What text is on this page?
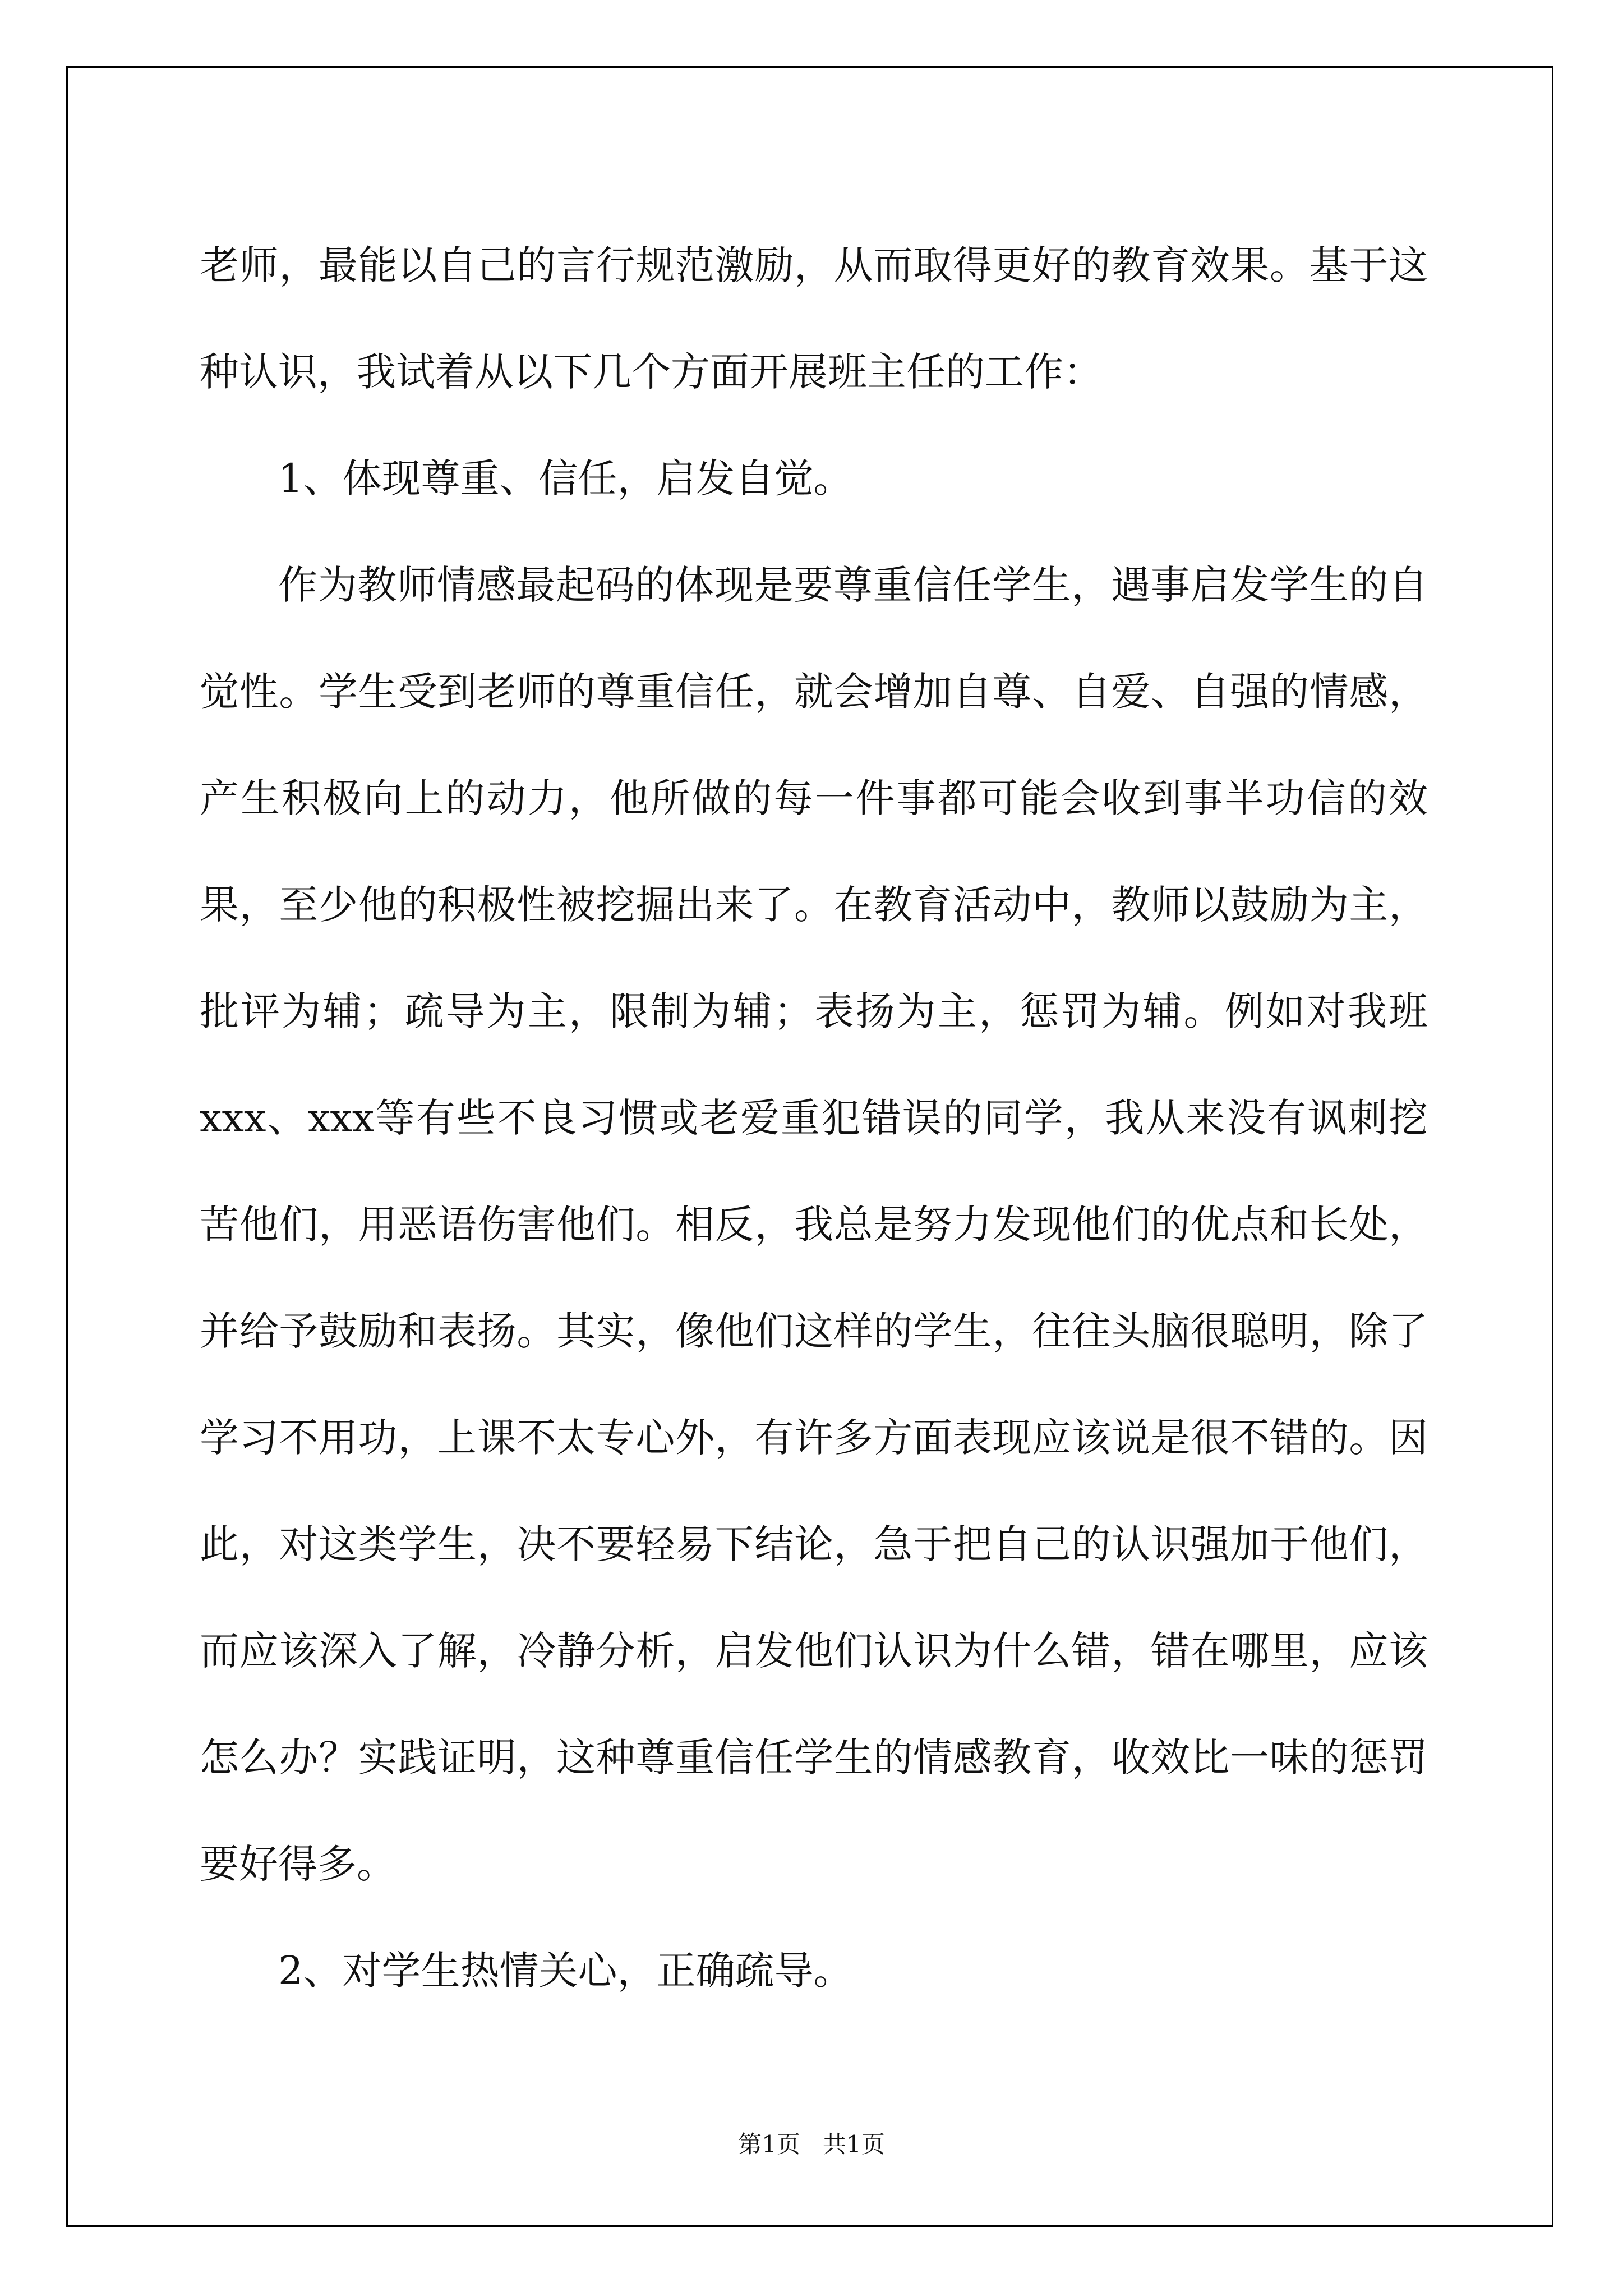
老师，最能以自己的言行规范激励，从而取得更好的教育效果。基于这种认识，我试着从以下几个方面开展班主任的工作：

1、体现尊重、信任，启发自觉。

作为教师情感最起码的体现是要尊重信任学生，遇事启发学生的自觉性。学生受到老师的尊重信任，就会增加自尊、自爱、自强的情感，产生积极向上的动力，他所做的每一件事都可能会收到事半功信的效果，至少他的积极性被挖掘出来了。在教育活动中，教师以鼓励为主，批评为辅；疏导为主，限制为辅；表扬为主，惩罚为辅。例如对我班xxx、xxx等有些不良习惯或老爱重犯错误的同学，我从来没有讽刺挖苦他们，用恶语伤害他们。相反，我总是努力发现他们的优点和长处，并给予鼓励和表扬。其实，像他们这样的学生，往往头脑很聪明，除了学习不用功，上课不太专心外，有许多方面表现应该说是很不错的。因此，对这类学生，决不要轻易下结论，急于把自己的认识强加于他们，而应该深入了解，冷静分析，启发他们认识为什么错，错在哪里，应该怎么办？实践证明，这种尊重信任学生的情感教育，收效比一味的惩罚要好得多。

2、对学生热情关心，正确疏导。

第1页 共1页
